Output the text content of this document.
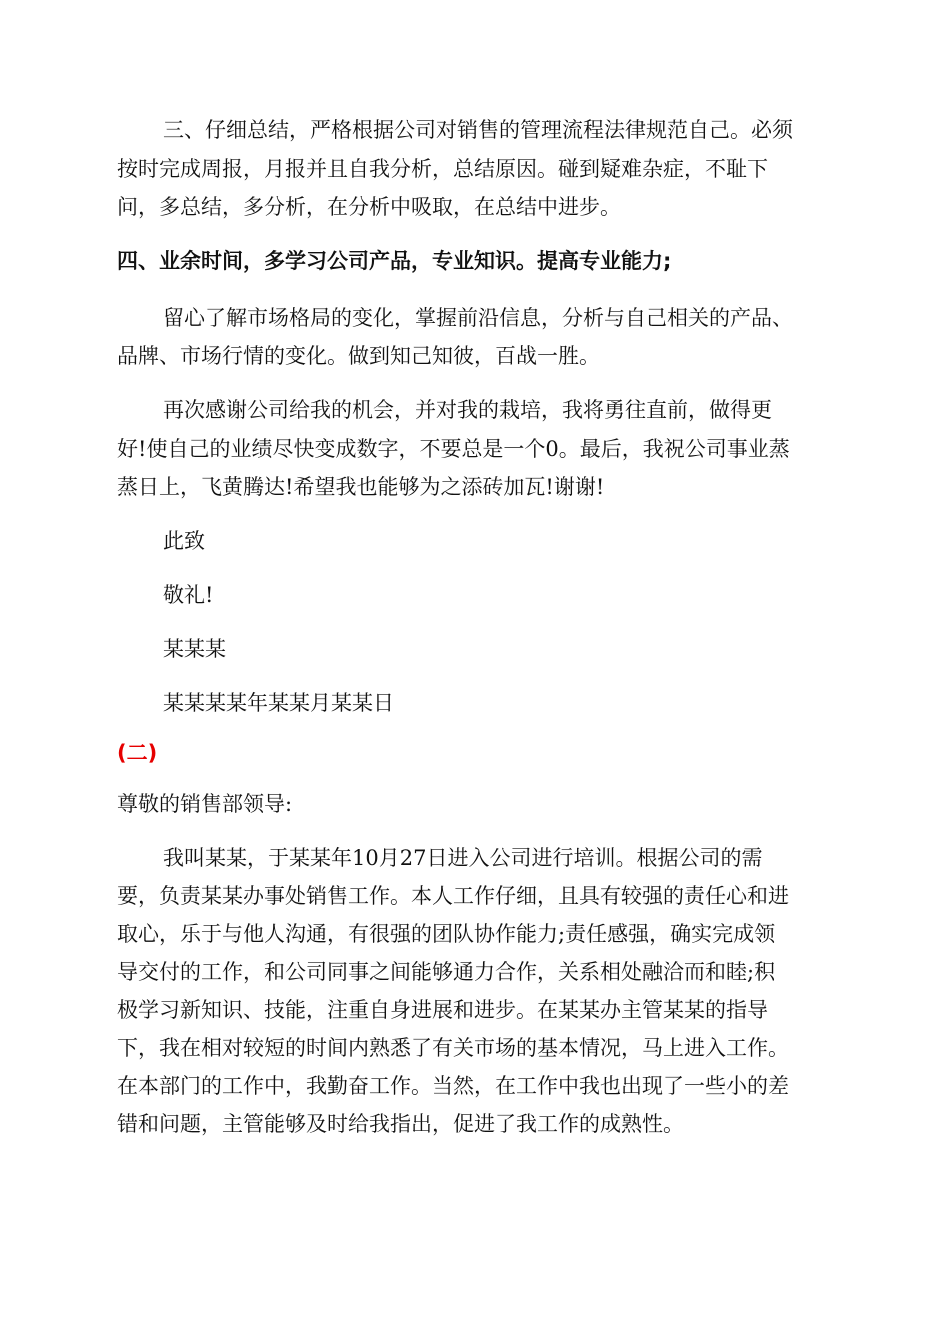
三、仔细总结，严格根据公司对销售的管理流程法律规范自己。必须
按时完成周报，月报并且自我分析，总结原因。碰到疑难杂症，不耻下
问，多总结，多分析，在分析中吸取，在总结中进步。
四、业余时间，多学习公司产品，专业知识。提高专业能力;
留心了解市场格局的变化，掌握前沿信息，分析与自己相关的产品、
品牌、市场行情的变化。做到知己知彼，百战一胜。
再次感谢公司给我的机会，并对我的栽培，我将勇往直前，做得更
好!使自己的业绩尽快变成数字，不要总是一个0。最后，我祝公司事业蒸
蒸日上，飞黄腾达!希望我也能够为之添砖加瓦!谢谢!
此致
敬礼!
某某某
某某某某年某某月某某日
(二)
尊敬的销售部领导:
我叫某某，于某某年10月27日进入公司进行培训。根据公司的需
要，负责某某办事处销售工作。本人工作仔细，且具有较强的责任心和进
取心，乐于与他人沟通，有很强的团队协作能力;责任感强，确实完成领
导交付的工作，和公司同事之间能够通力合作，关系相处融洽而和睦;积
极学习新知识、技能，注重自身进展和进步。在某某办主管某某的指导
下，我在相对较短的时间内熟悉了有关市场的基本情况，马上进入工作。
在本部门的工作中，我勤奋工作。当然，在工作中我也出现了一些小的差
错和问题，主管能够及时给我指出，促进了我工作的成熟性。
